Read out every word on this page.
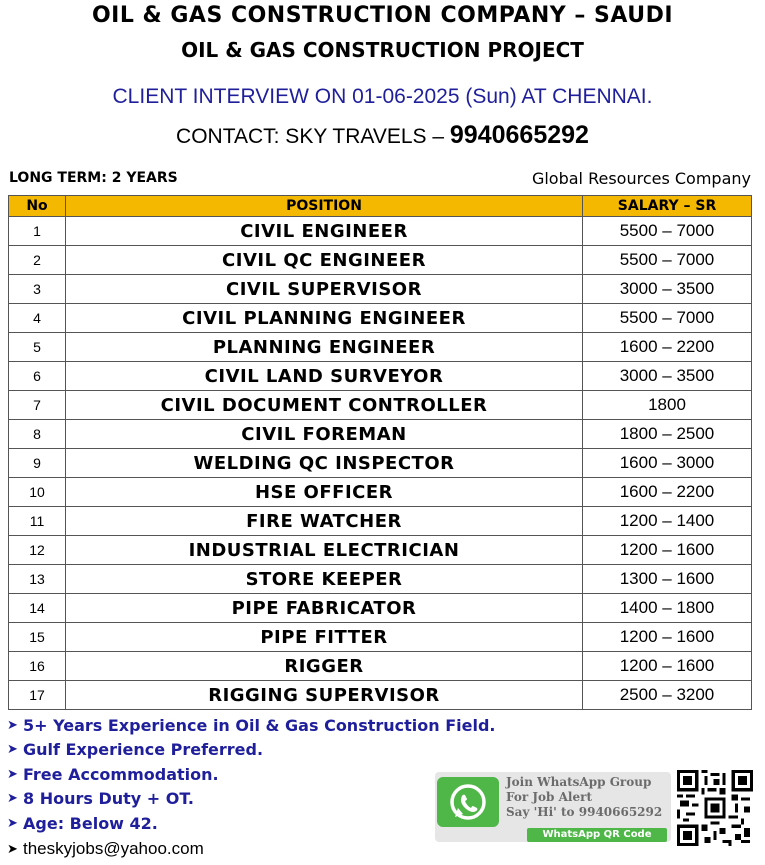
OIL & GAS CONSTRUCTION COMPANY – SAUDI
OIL & GAS CONSTRUCTION PROJECT
CLIENT INTERVIEW ON 01-06-2025 (Sun) AT CHENNAI.
CONTACT: SKY TRAVELS – 9940665292
LONG TERM: 2 YEARS	Global Resources Company
No	POSITION	SALARY – SR
1	CIVIL ENGINEER	5500 – 7000
2	CIVIL QC ENGINEER	5500 – 7000
3	CIVIL SUPERVISOR	3000 – 3500
4	CIVIL PLANNING ENGINEER	5500 – 7000
5	PLANNING ENGINEER	1600 – 2200
6	CIVIL LAND SURVEYOR	3000 – 3500
7	CIVIL DOCUMENT CONTROLLER	1800
8	CIVIL FOREMAN	1800 – 2500
9	WELDING QC INSPECTOR	1600 – 3000
10	HSE OFFICER	1600 – 2200
11	FIRE WATCHER	1200 – 1400
12	INDUSTRIAL ELECTRICIAN	1200 – 1600
13	STORE KEEPER	1300 – 1600
14	PIPE FABRICATOR	1400 – 1800
15	PIPE FITTER	1200 – 1600
16	RIGGER	1200 – 1600
17	RIGGING SUPERVISOR	2500 – 3200
➤ 5+ Years Experience in Oil & Gas Construction Field.
➤ Gulf Experience Preferred.
➤ Free Accommodation.
➤ 8 Hours Duty + OT.
➤ Age: Below 42.
➤ theskyjobs@yahoo.com
Join WhatsApp Group
For Job Alert
Say 'Hi' to 9940665292
WhatsApp QR Code
